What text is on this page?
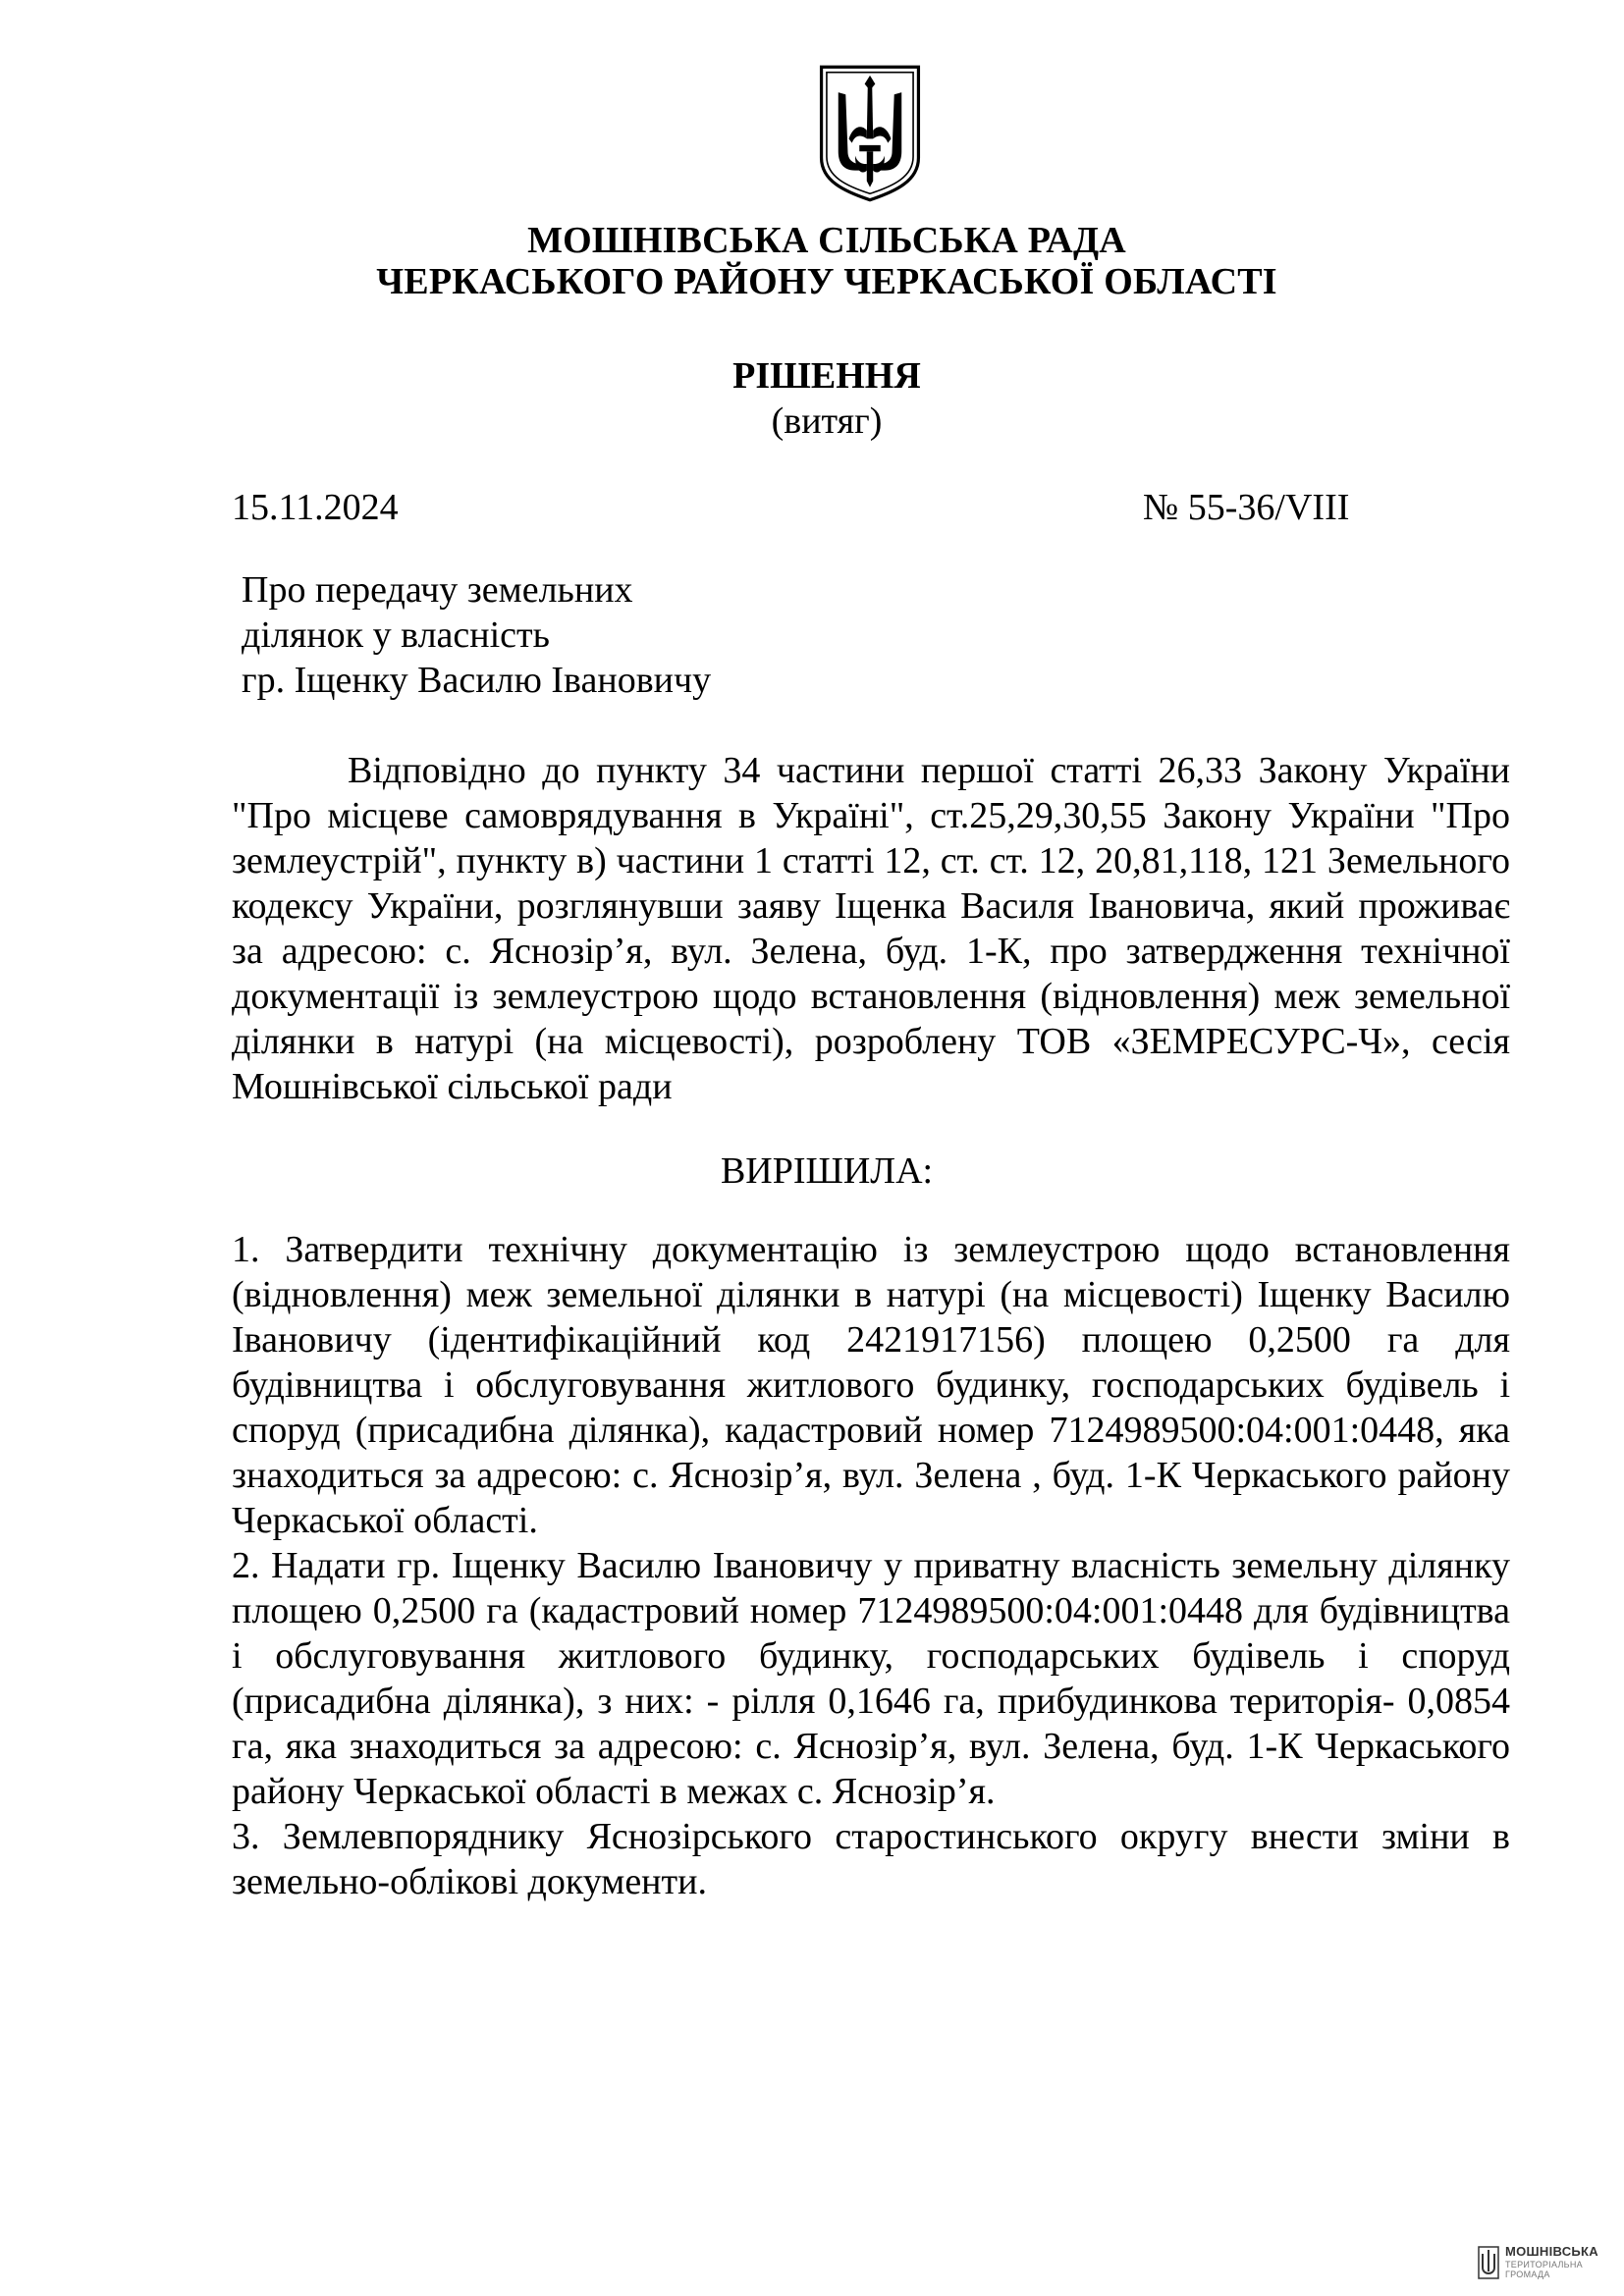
МОШНІВСЬКА СІЛЬСЬКА РАДА
ЧЕРКАСЬКОГО РАЙОНУ ЧЕРКАСЬКОЇ ОБЛАСТІ
РІШЕННЯ
(витяг)
15.11.2024	№ 55-36/VIII
Про передачу земельних
ділянок у власність
гр. Іщенку Василю Івановичу

Відповідно до пункту 34 частини першої статті 26,33 Закону України "Про місцеве самоврядування в Україні", ст.25,29,30,55 Закону України "Про землеустрій", пункту в) частини 1 статті 12, ст. ст. 12, 20,81,118, 121 Земельного кодексу України, розглянувши заяву Іщенка Василя Івановича, який проживає за адресою: с. Яснозір’я, вул. Зелена, буд. 1-К, про затвердження технічної документації із землеустрою щодо встановлення (відновлення) меж земельної ділянки в натурі (на місцевості), розроблену ТОВ «ЗЕМРЕСУРС-Ч», сесія Мошнівської сільської ради

ВИРІШИЛА:

1. Затвердити технічну документацію із землеустрою щодо встановлення (відновлення) меж земельної ділянки в натурі (на місцевості) Іщенку Василю Івановичу (ідентифікаційний код 2421917156) площею 0,2500 га для будівництва і обслуговування житлового будинку, господарських будівель і споруд (присадибна ділянка), кадастровий номер 7124989500:04:001:0448, яка знаходиться за адресою: с. Яснозір’я, вул. Зелена , буд. 1-К Черкаського району Черкаської області.

2. Надати гр. Іщенку Василю Івановичу у приватну власність земельну ділянку площею 0,2500 га (кадастровий номер 7124989500:04:001:0448 для будівництва і обслуговування житлового будинку, господарських будівель і споруд (присадибна ділянка), з них: - рілля 0,1646 га, прибудинкова територія- 0,0854 га, яка знаходиться за адресою: с. Яснозір’я, вул. Зелена, буд. 1-К Черкаського району Черкаської області в межах с. Яснозір’я.

3. Землевпоряднику Яснозірського старостинського округу внести зміни в земельно-облікові документи.

МОШНІВСЬКА
ТЕРИТОРІАЛЬНА
ГРОМАДА
